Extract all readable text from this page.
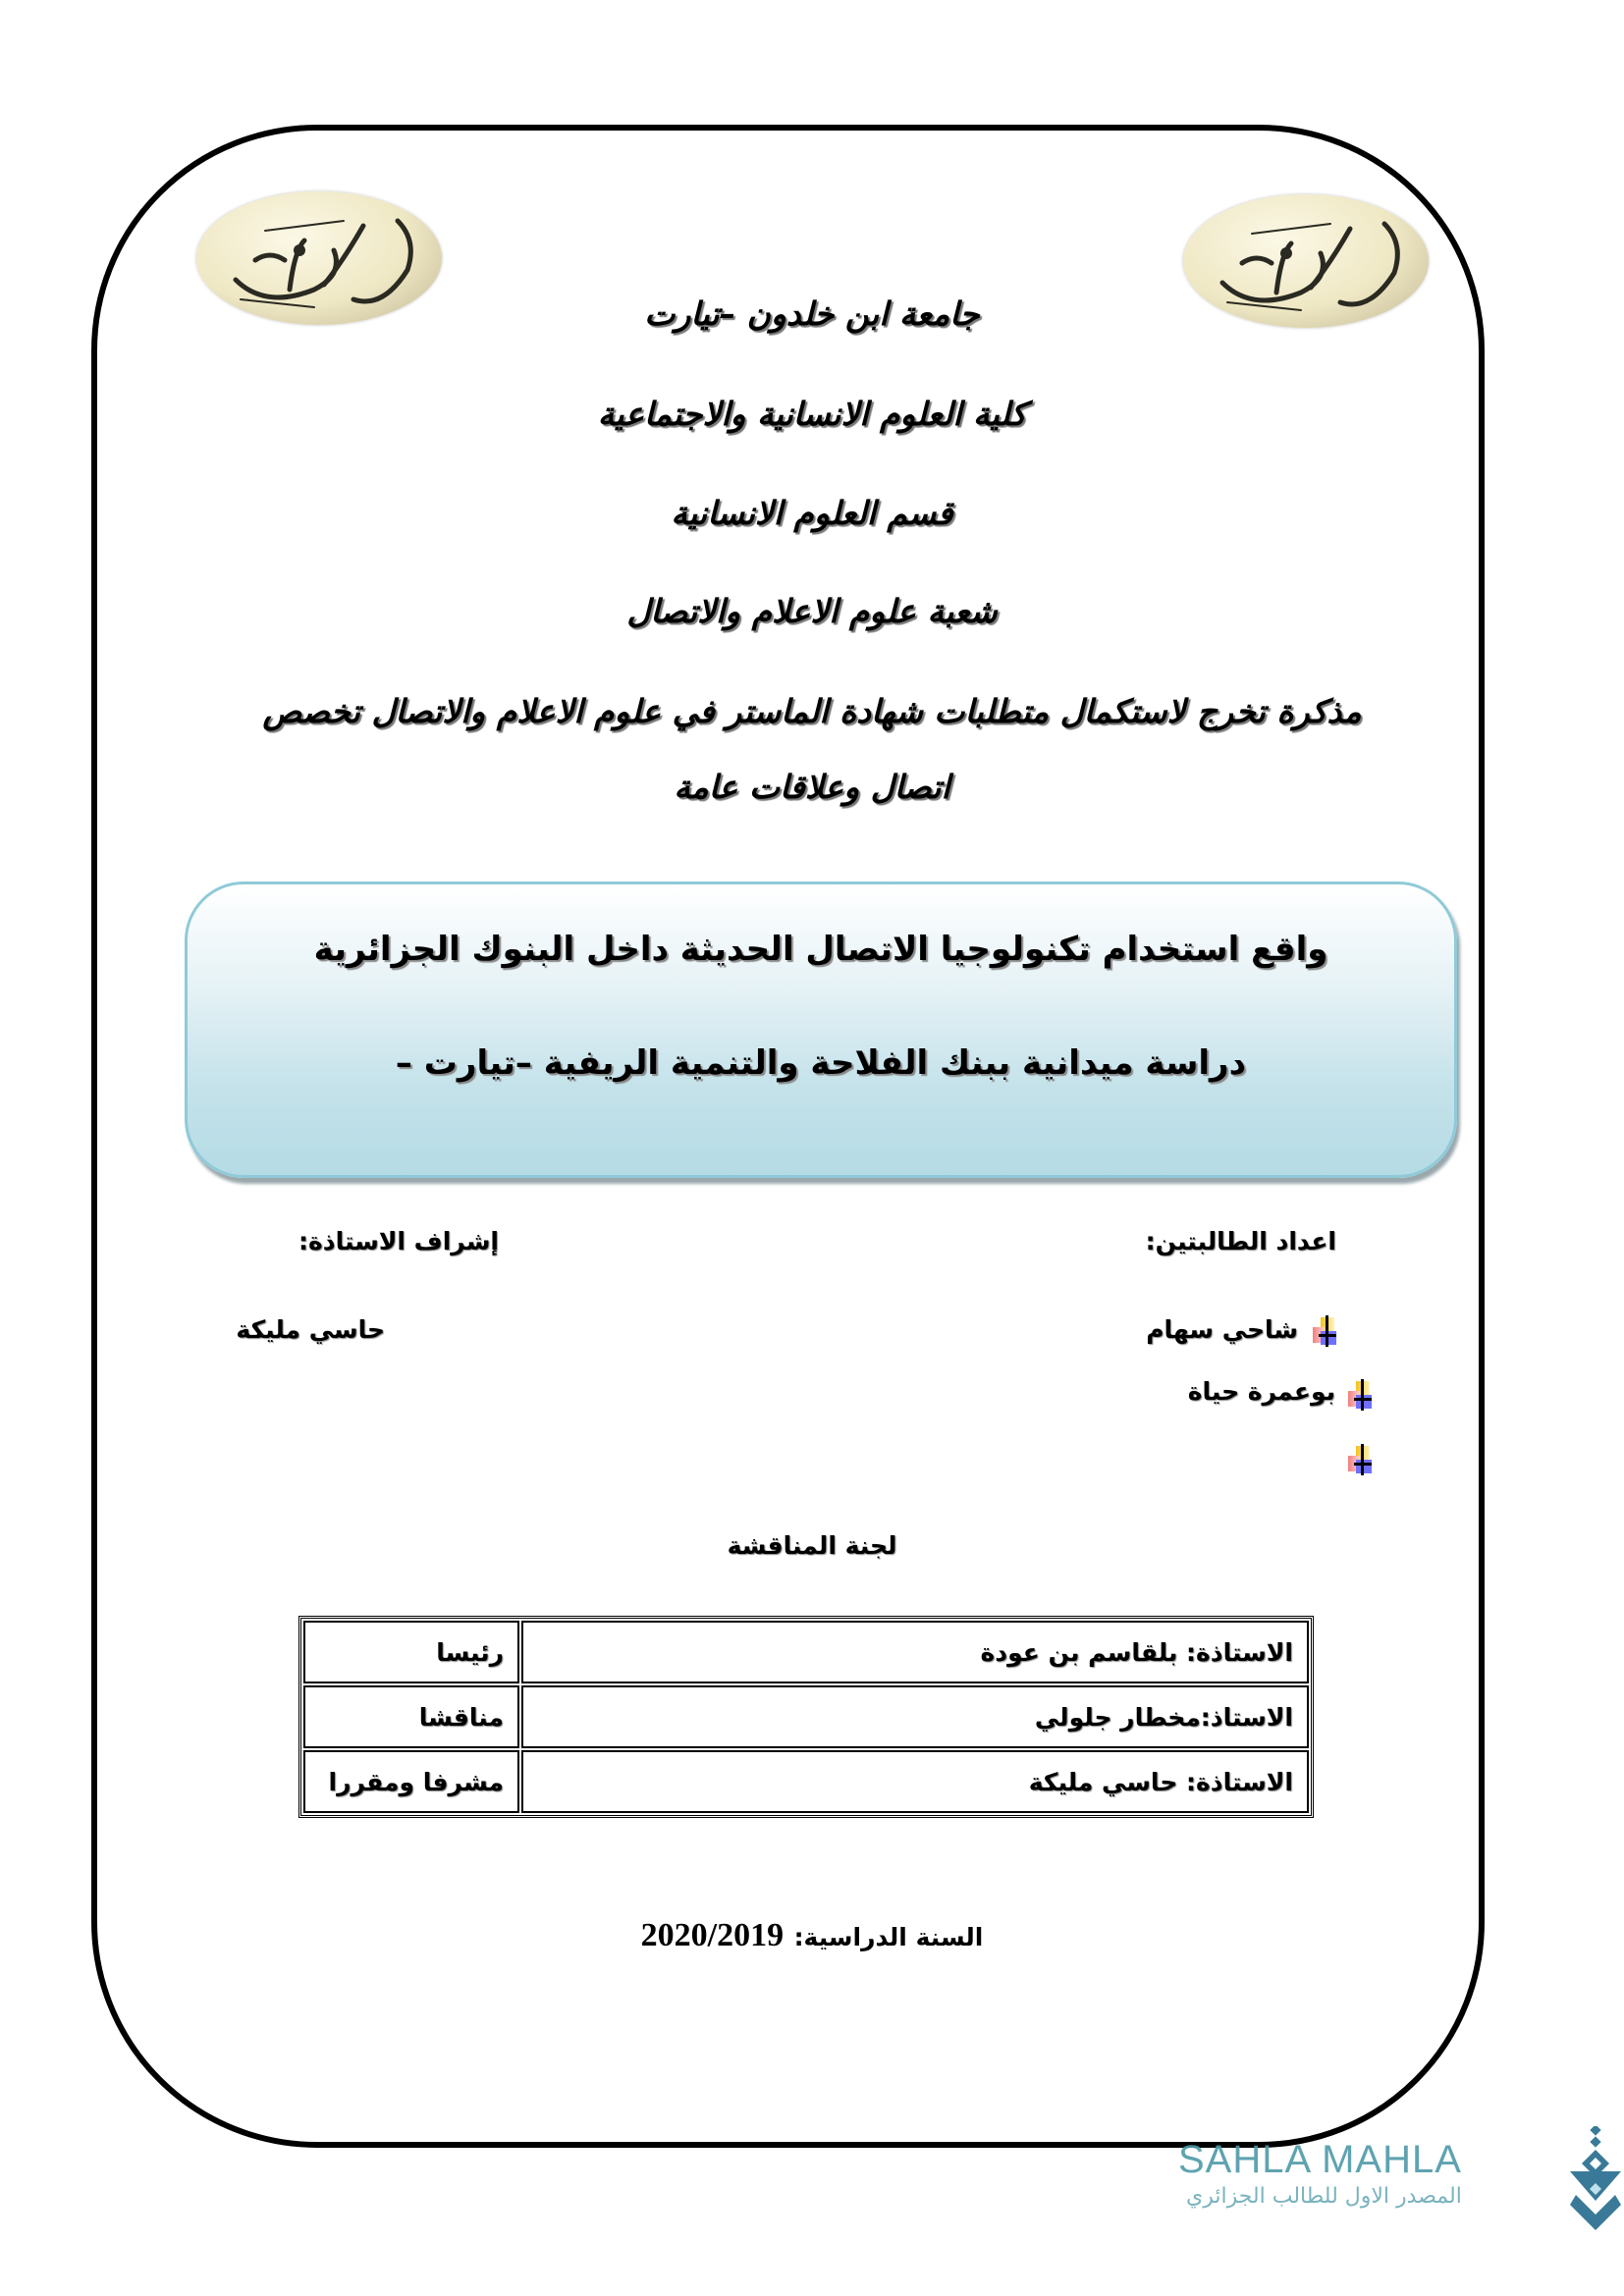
جامعة ابن خلدون –تيارت
كلية العلوم الانسانية والاجتماعية
قسم العلوم الانسانية
شعبة علوم الاعلام والاتصال
مذكرة تخرج لاستكمال متطلبات شهادة الماستر في علوم الاعلام والاتصال تخصص
اتصال وعلاقات عامة
واقع استخدام تكنولوجيا الاتصال الحديثة داخل البنوك الجزائرية
دراسة ميدانية ببنك الفلاحة والتنمية الريفية –تيارت –
اعداد الطالبتين:
إشراف الاستاذة:
شاحي سهام
بوعمرة حياة
حاسي مليكة
لجنة المناقشة
الاستاذة: بلقاسم بن عودة	رئيسا
الاستاذ:مخطار جلولي	مناقشا
الاستاذة: حاسي مليكة	مشرفا ومقررا
السنة الدراسية: 2020/2019
SAHLA MAHLA
المصدر الاول للطالب الجزائري
